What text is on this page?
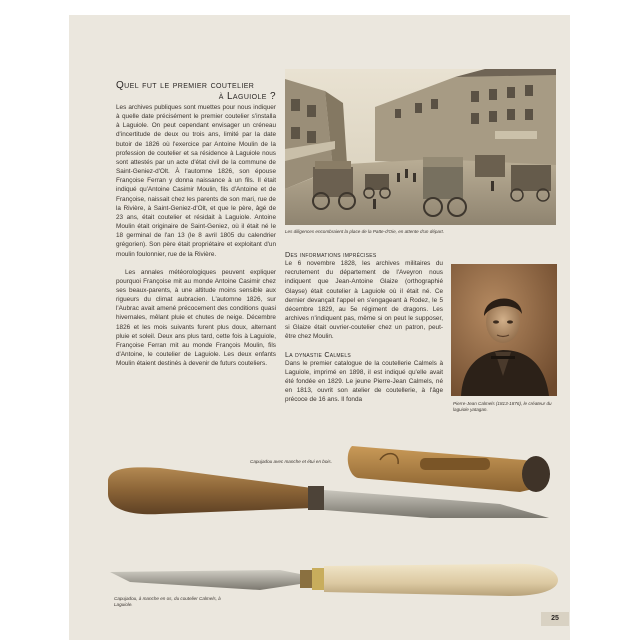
Quel fut le premier coutelier
à Laguiole ?

Les archives publiques sont muettes pour nous indiquer à quelle date précisément le premier coutelier s'installa à Laguiole. On peut cependant envisager un créneau d'incertitude de deux ou trois ans, limité par la date butoir de 1826 où l'exercice par Antoine Moulin de la profession de coutelier et sa résidence à Laguiole nous sont attestés par un acte d'état civil de la commune de Saint-Geniez-d'Olt. À l'automne 1826, son épouse Françoise Ferran y donna naissance à un fils. Il était indiqué qu'Antoine Casimir Moulin, fils d'Antoine et de Françoise, naissait chez les parents de son mari, rue de la Rivière, à Saint-Geniez-d'Olt, et que le père, âgé de 23 ans, était coutelier et résidait à Laguiole. Antoine Moulin était originaire de Saint-Geniez, où il était né le 18 germinal de l'an 13 (le 8 avril 1805 du calendrier grégorien). Son père était propriétaire et exploitant d'un moulin foulonnier, rue de la Rivière.

Les annales météorologiques peuvent expliquer pourquoi Françoise mit au monde Antoine Casimir chez ses beaux-parents, à une altitude moins sensible aux rigueurs du climat aubracien. L'automne 1826, sur l'Aubrac avait amené précocement des conditions quasi hivernales, mêlant pluie et chutes de neige. Décembre 1826 et les mois suivants furent plus doux, alternant pluie et soleil. Deux ans plus tard, cette fois à Laguiole, Françoise Ferran mit au monde François Moulin, fils d'Antoine, le coutelier de Laguiole. Les deux enfants Moulin étaient destinés à devenir de futurs couteliers.

Les diligences encombraient la place de la Patte-d'Oie, en attente d'un départ.

Des informations imprécises

Le 6 novembre 1828, les archives militaires du recrutement du département de l'Aveyron nous indiquent que Jean-Antoine Glaize (orthographié Glayse) était coutelier à Laguiole où il était né. Ce dernier devançait l'appel en s'engageant à Rodez, le 5 décembre 1829, au 5e régiment de dragons. Les archives n'indiquent pas, même si on peut le supposer, si Glaize était ouvrier-coutelier chez un patron, peut-être chez Moulin.

La dynastie Calmels

Dans le premier catalogue de la coutellerie Calmels à Laguiole, imprimé en 1898, il est indiqué qu'elle avait été fondée en 1829. Le jeune Pierre-Jean Calmels, né en 1813, ouvrit son atelier de coutellerie, à l'âge précoce de 16 ans. Il fonda

Pierre-Jean Calmels (1813-1876), le créateur du laguiole yatagan.
Capujadou avec manche et étui en bois.
Capujadou, à manche en os, du coutelier Calmels, à Laguiole.
25
